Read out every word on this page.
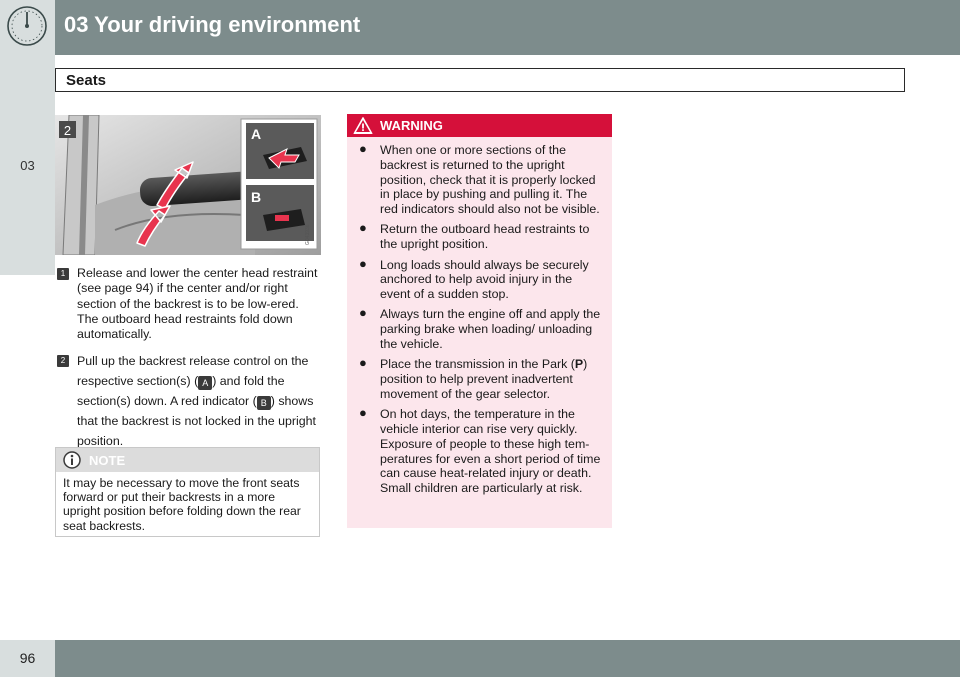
03 Your driving environment
03
Seats
2	A
B
G043936
1 Release and lower the center head restraint (see page 94) if the center and/or right section of the backrest is to be low-ered. The outboard head restraints fold down automatically.
2 Pull up the backrest release control on the respective section(s) ( A ) and fold the section(s) down. A red indicator ( B ) shows that the backrest is not locked in the upright position.
NOTE
It may be necessary to move the front seats forward or put their backrests in a more upright position before folding down the rear seat backrests.
WARNING
● When one or more sections of the backrest is returned to the upright position, check that it is properly locked in place by pushing and pulling it. The red indicators should also not be visible.
● Return the outboard head restraints to the upright position.
● Long loads should always be securely anchored to help avoid injury in the event of a sudden stop.
● Always turn the engine off and apply the parking brake when loading/ unloading the vehicle.
● Place the transmission in the Park (P) position to help prevent inadvertent movement of the gear selector.
● On hot days, the temperature in the vehicle interior can rise very quickly. Exposure of people to these high tem-peratures for even a short period of time can cause heat-related injury or death. Small children are particularly at risk.
96
